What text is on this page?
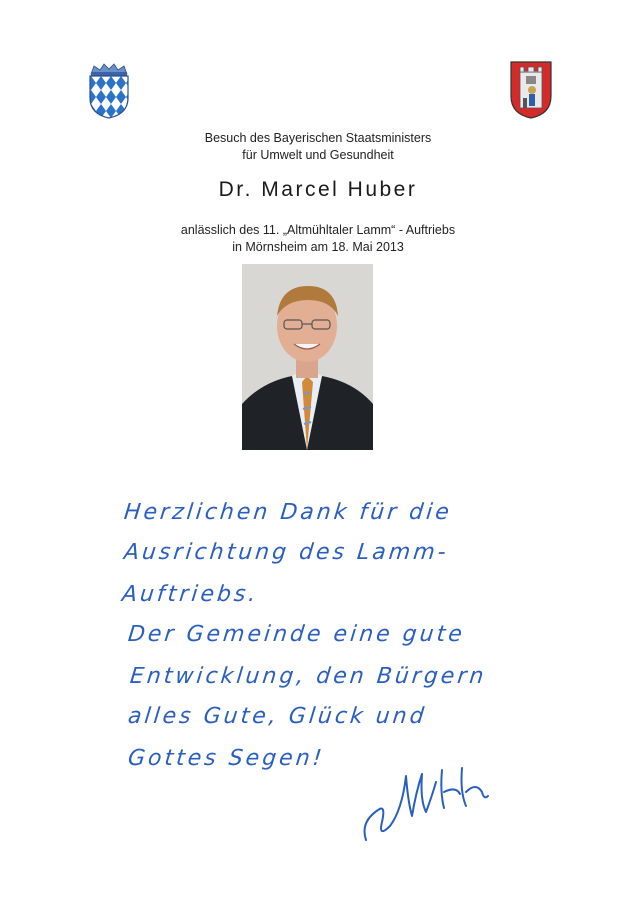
Besuch des Bayerischen Staatsministers
für Umwelt und Gesundheit
Dr. Marcel Huber
anlässlich des 11. „Altmühltaler Lamm“ - Auftriebs
in Mörnsheim am 18. Mai 2013
Herzlichen Dank für die
Ausrichtung des Lamm-
Auftriebs.
Der Gemeinde eine gute
Entwicklung, den Bürgern
alles Gute, Glück und
Gottes Segen!
